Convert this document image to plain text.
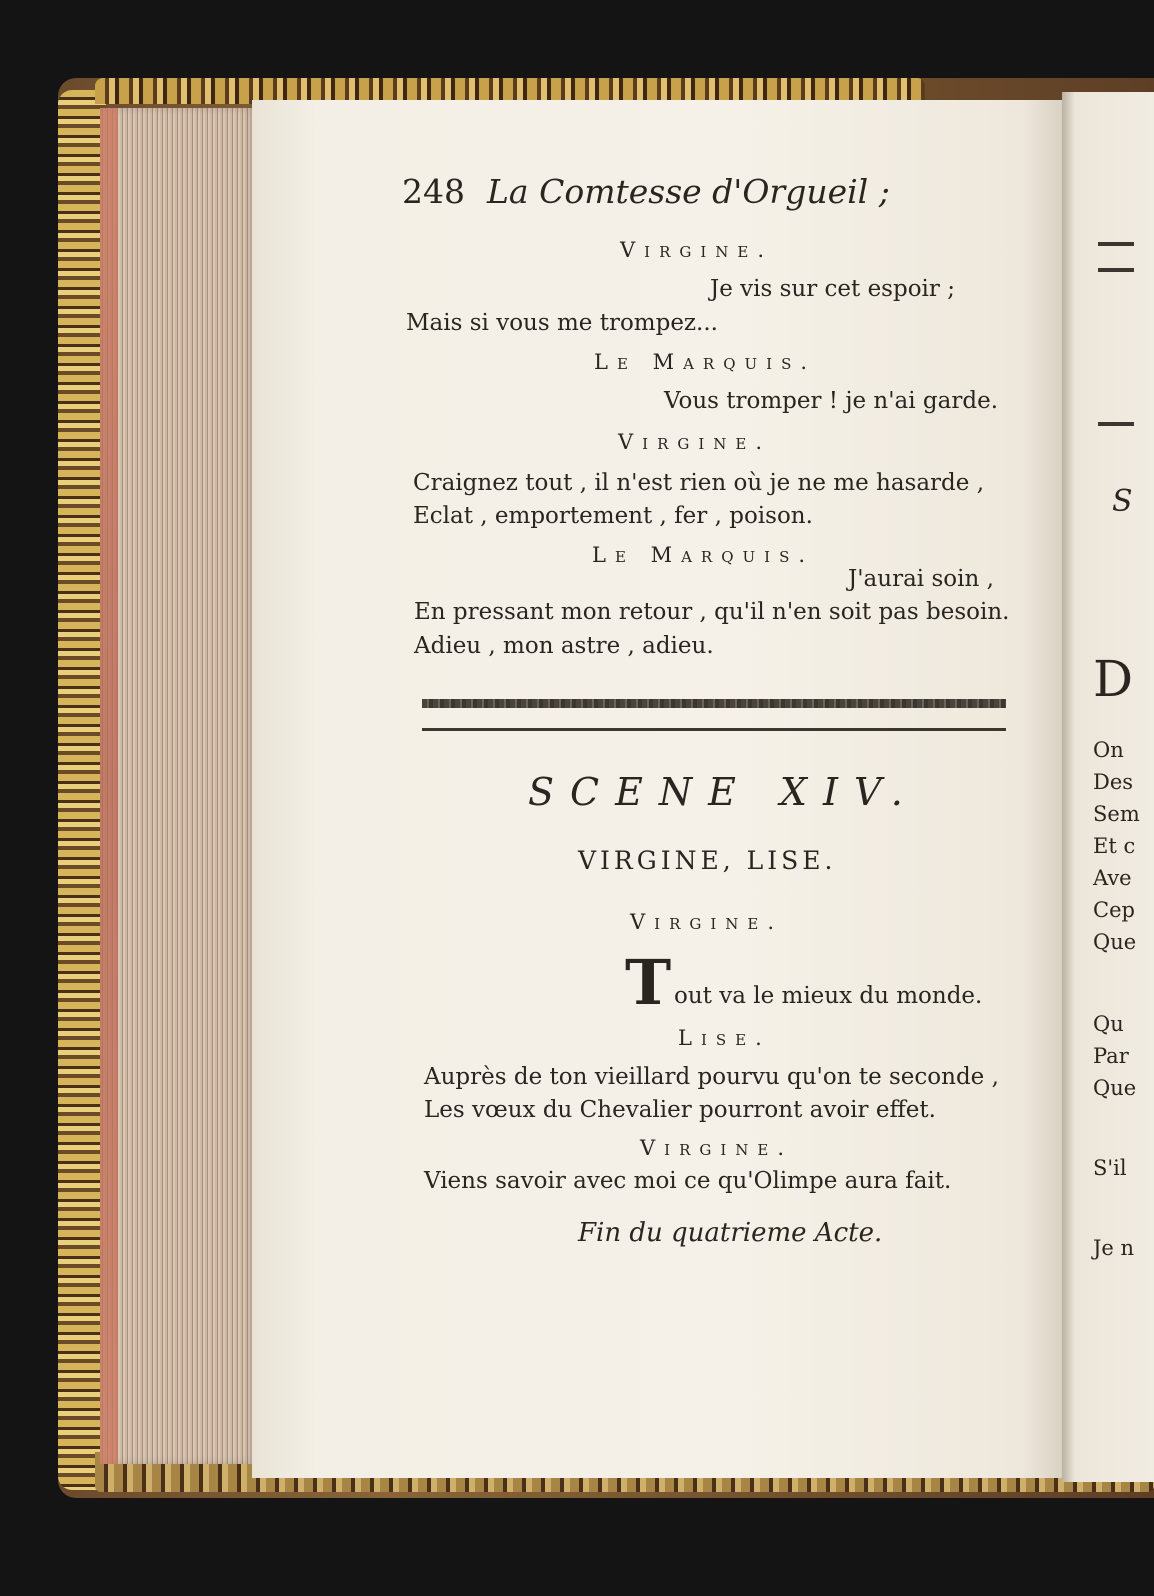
248 La Comtesse d'Orgueil ;
Virgine.
Je vis sur cet espoir ;
Mais si vous me trompez...
Le Marquis.
Vous tromper ! je n'ai garde.
Virgine.
Craignez tout , il n'est rien où je ne me hasarde ,
Eclat , emportement , fer , poison.
Le Marquis.
J'aurai soin ,
En pressant mon retour , qu'il n'en soit pas besoin.
Adieu , mon astre , adieu.
SCENE XIV.
VIRGINE, LISE.
Virgine.
T out va le mieux du monde.
Lise.
Auprès de ton vieillard pourvu qu'on te seconde ,
Les vœux du Chevalier pourront avoir effet.
Virgine.
Viens savoir avec moi ce qu'Olimpe aura fait.
Fin du quatrieme Acte.
S
D
On
Des
Sem
Et c
Ave
Cep
Que
Qu
Par
Que
S'il
Je n
